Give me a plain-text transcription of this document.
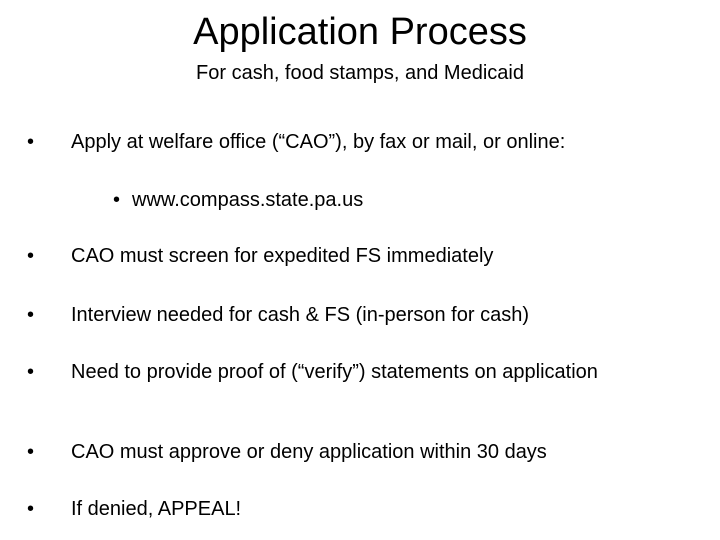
Application Process
For cash, food stamps, and Medicaid
•	Apply at welfare office (“CAO”), by fax or mail, or online:
• www.compass.state.pa.us
•	CAO must screen for expedited FS immediately
•	Interview needed for cash & FS (in-person for cash)
•	Need to provide proof of (“verify”) statements on application
•	CAO must approve or deny application within 30 days
•	If denied, APPEAL!
